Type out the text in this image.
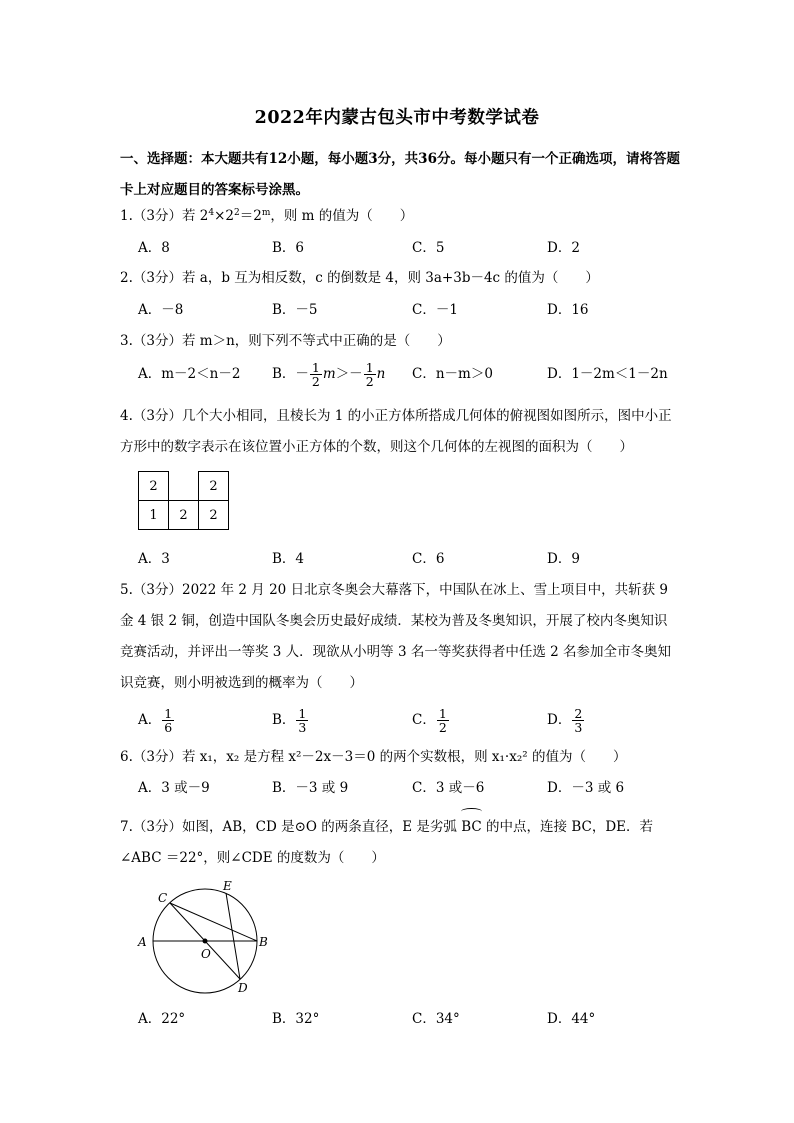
2022年内蒙古包头市中考数学试卷
一、选择题：本大题共有12小题，每小题3分，共36分。每小题只有一个正确选项，请将答题卡上对应题目的答案标号涂黑。
1.（3分）若 $2^4\times 2^2=2^m$，则 m 的值为（　　）
A．8	B．6	C．5	D．2
2.（3分）若 a，b 互为相反数，c 的倒数是 4，则 3a+3b－4c 的值为（　　）
A．－8	B．－5	C．－1	D．16
3.（3分）若 m＞n，则下列不等式中正确的是（　　）
A．m－2＜n－2 B．－ $\frac{1}{2} m>- \frac{1}{2}$ n C．n－m＞0	D．1－2m＜1－2n
4.（3分）几个大小相同，且棱长为 1 的小正方体所搭成几何体的俯视图如图所示，图中小正方形中的数字表示在该位置小正方体的个数，则这个几何体的左视图的面积为（　　）
2		2
1	2	2
A．3	B．4	C．6	D．9
5.（3分）2022 年 2 月 20 日北京冬奥会大幕落下，中国队在冰上、雪上项目中，共斩获 9 金 4 银 2 铜，创造中国队冬奥会历史最好成绩．某校为普及冬奥知识，开展了校内冬奥知识竞赛活动，并评出一等奖 3 人．现欲从小明等 3 名一等奖获得者中任选 2 名参加全市冬奥知识竞赛，则小明被选到的概率为（　　）
A． $\frac{1}{6}$	B． $\frac{1}{3}$	C． $\frac{1}{2}$	D． $\frac{2}{3}$
6.（3分）若 x₁，x₂ 是方程 x²－2x－3＝0 的两个实数根，则 x₁·x₂² 的值为（　　）
A．3 或－9	B．－3 或 9	C．3 或－6	D．－3 或 6
7.（3分）如图，AB，CD 是⊙O 的两条直径，E 是劣弧 BC 的中点，连接 BC，DE．若∠ABC ＝22°，则∠CDE 的度数为（　　）
A	B
C
D
E
O
A．22°	B．32°	C．34°	D．44°
